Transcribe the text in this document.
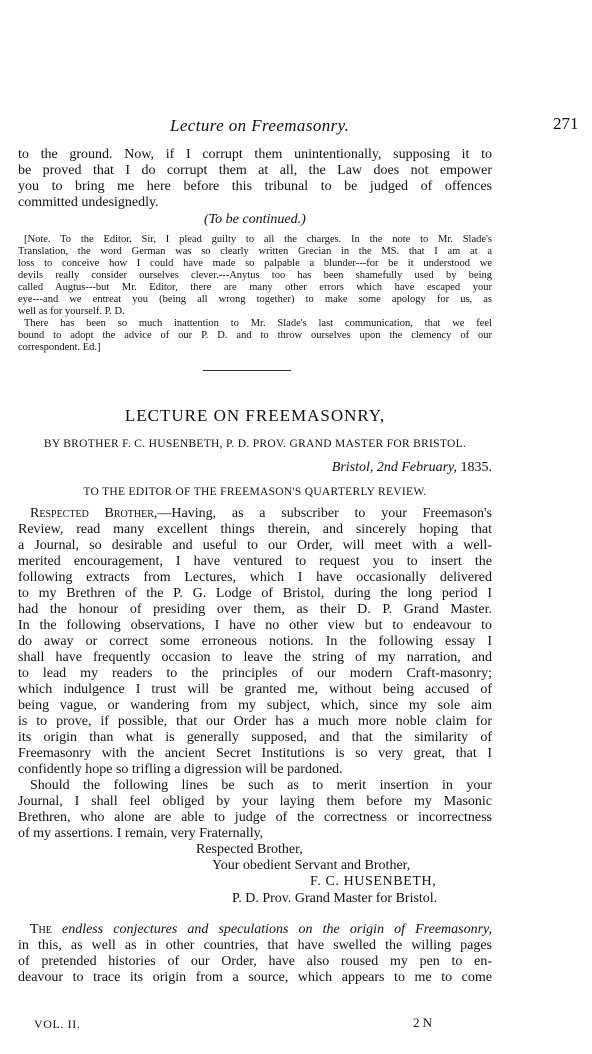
Lecture on Freemasonry.	271
to the ground. Now, if I corrupt them unintentionally, supposing it to
be proved that I do corrupt them at all, the Law does not empower
you to bring me here before this tribunal to be judged of offences
committed undesignedly.
(To be continued.)
[Note. To the Editor. Sir, I plead guilty to all the charges. In the note to Mr. Slade's
Translation, the word German was so clearly written Grecian in the MS. that I am at a
loss to conceive how I could have made so palpable a blunder---for be it understood we
devils really consider ourselves clever.---Anytus too has been shamefully used by being
called Augtus---but Mr. Editor, there are many other errors which have escaped your
eye---and we entreat you (being all wrong together) to make some apology for us, as
well as for yourself. P. D.
There has been so much inattention to Mr. Slade's last communication, that we feel
bound to adopt the advice of our P. D. and to throw ourselves upon the clemency of our
correspondent. Ed.]
LECTURE ON FREEMASONRY,
BY BROTHER F. C. HUSENBETH, P. D. PROV. GRAND MASTER FOR BRISTOL.
Bristol, 2nd February, 1835.
TO THE EDITOR OF THE FREEMASON'S QUARTERLY REVIEW.
Respected Brother,—Having, as a subscriber to your Freemason's
Review, read many excellent things therein, and sincerely hoping that
a Journal, so desirable and useful to our Order, will meet with a well-
merited encouragement, I have ventured to request you to insert the
following extracts from Lectures, which I have occasionally delivered
to my Brethren of the P. G. Lodge of Bristol, during the long period I
had the honour of presiding over them, as their D. P. Grand Master.
In the following observations, I have no other view but to endeavour to
do away or correct some erroneous notions. In the following essay I
shall have frequently occasion to leave the string of my narration, and
to lead my readers to the principles of our modern Craft-masonry;
which indulgence I trust will be granted me, without being accused of
being vague, or wandering from my subject, which, since my sole aim
is to prove, if possible, that our Order has a much more noble claim for
its origin than what is generally supposed, and that the similarity of
Freemasonry with the ancient Secret Institutions is so very great, that I
confidently hope so trifling a digression will be pardoned.
Should the following lines be such as to merit insertion in your
Journal, I shall feel obliged by your laying them before my Masonic
Brethren, who alone are able to judge of the correctness or incorrectness
of my assertions. I remain, very Fraternally,
Respected Brother,
Your obedient Servant and Brother,
F. C. HUSENBETH,
P. D. Prov. Grand Master for Bristol.
The endless conjectures and speculations on the origin of Freemasonry,
in this, as well as in other countries, that have swelled the willing pages
of pretended histories of our Order, have also roused my pen to en-
deavour to trace its origin from a source, which appears to me to come
VOL. II.	2 N
